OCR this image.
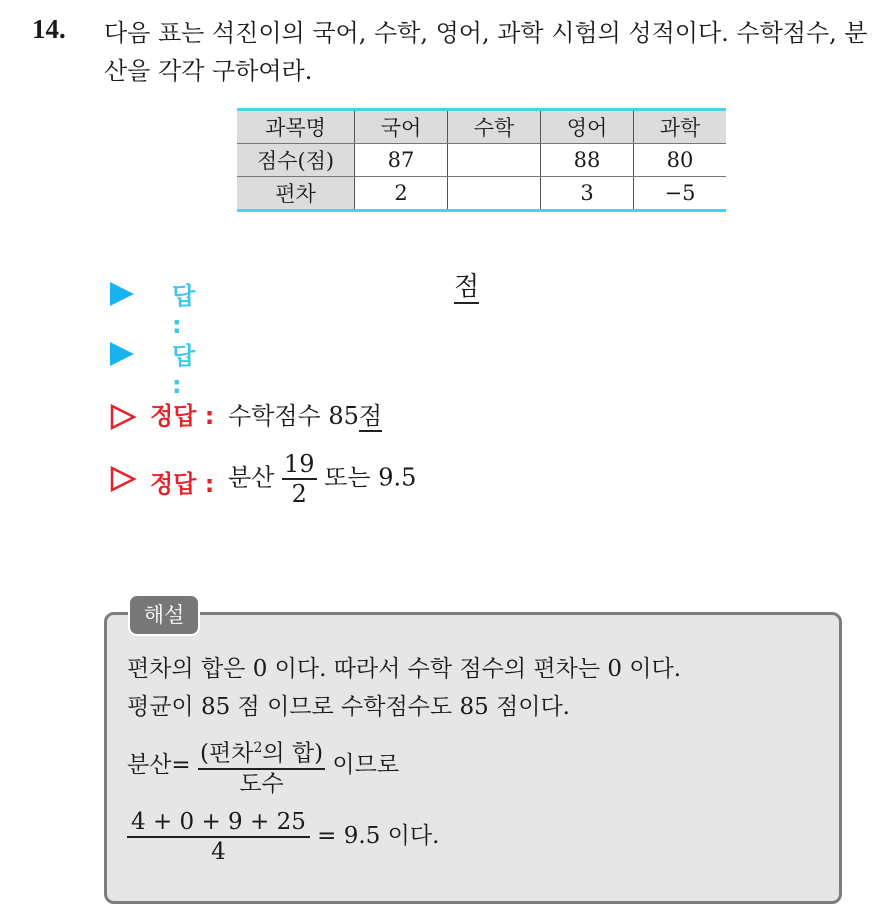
14. 다음 표는 석진이의 국어, 수학, 영어, 과학 시험의 성적이다. 수학점수, 분산을 각각 구하여라.
과목명	국어	수학	영어	과학
점수(점)	87		88	80
편차	2		3	−5
답 :
점
답 :
정답 : 수학점수 85점
정답 : 분산 $\frac{19}{2}$ 또는 9.5
해설
편차의 합은 0 이다. 따라서 수학 점수의 편차는 0 이다.
평균이 85 점 이므로 수학점수도 85 점이다.
분산= $\frac{(편차^2의 합)}{\text{도수}}$ 이므로
$\frac{4 + 0 + 9 + 25}{4} = 9.5$ 이다.
